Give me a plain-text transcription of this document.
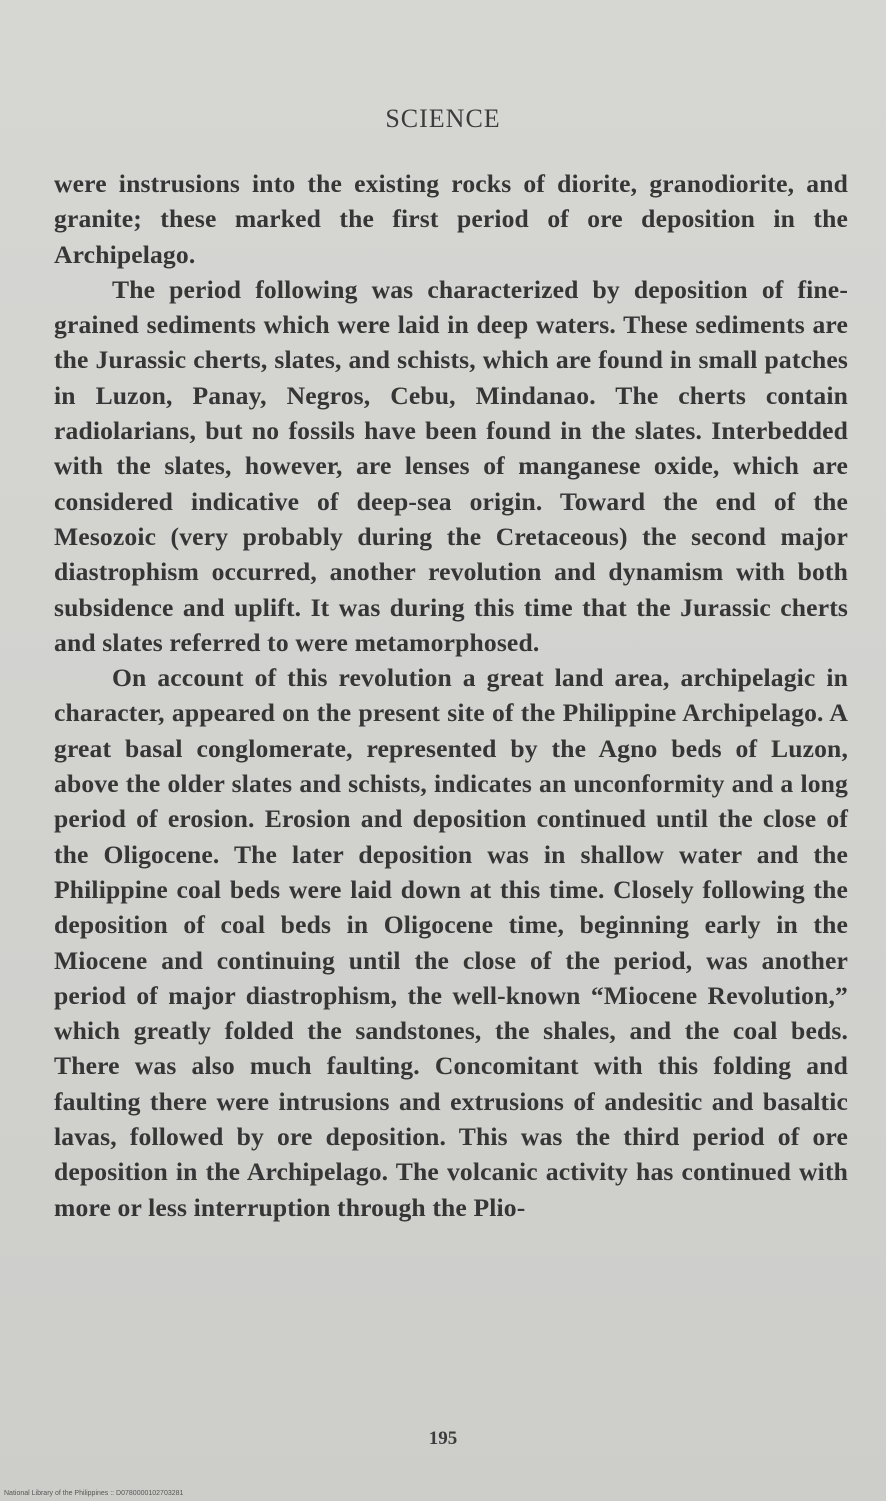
SCIENCE

were instrusions into the existing rocks of diorite, granodiorite, and granite; these marked the first period of ore deposition in the Archipelago.

The period following was characterized by deposition of fine-grained sediments which were laid in deep waters. These sediments are the Jurassic cherts, slates, and schists, which are found in small patches in Luzon, Panay, Negros, Cebu, Mindanao. The cherts contain radiolarians, but no fossils have been found in the slates. Interbedded with the slates, however, are lenses of manganese oxide, which are considered indicative of deep-sea origin. Toward the end of the Mesozoic (very probably during the Cretaceous) the second major diastrophism occurred, another revolution and dynamism with both subsidence and uplift. It was during this time that the Jurassic cherts and slates referred to were metamorphosed.

On account of this revolution a great land area, archipelagic in character, appeared on the present site of the Philippine Archipelago. A great basal conglomerate, represented by the Agno beds of Luzon, above the older slates and schists, indicates an unconformity and a long period of erosion. Erosion and deposition continued until the close of the Oligocene. The later deposition was in shallow water and the Philippine coal beds were laid down at this time. Closely following the deposition of coal beds in Oligocene time, beginning early in the Miocene and continuing until the close of the period, was another period of major diastrophism, the well-known “Miocene Revolution,” which greatly folded the sandstones, the shales, and the coal beds. There was also much faulting. Concomitant with this folding and faulting there were intrusions and extrusions of andesitic and basaltic lavas, followed by ore deposition. This was the third period of ore deposition in the Archipelago. The volcanic activity has continued with more or less interruption through the Plio-

195
National Library of the Philippines :: D0780000102703281
